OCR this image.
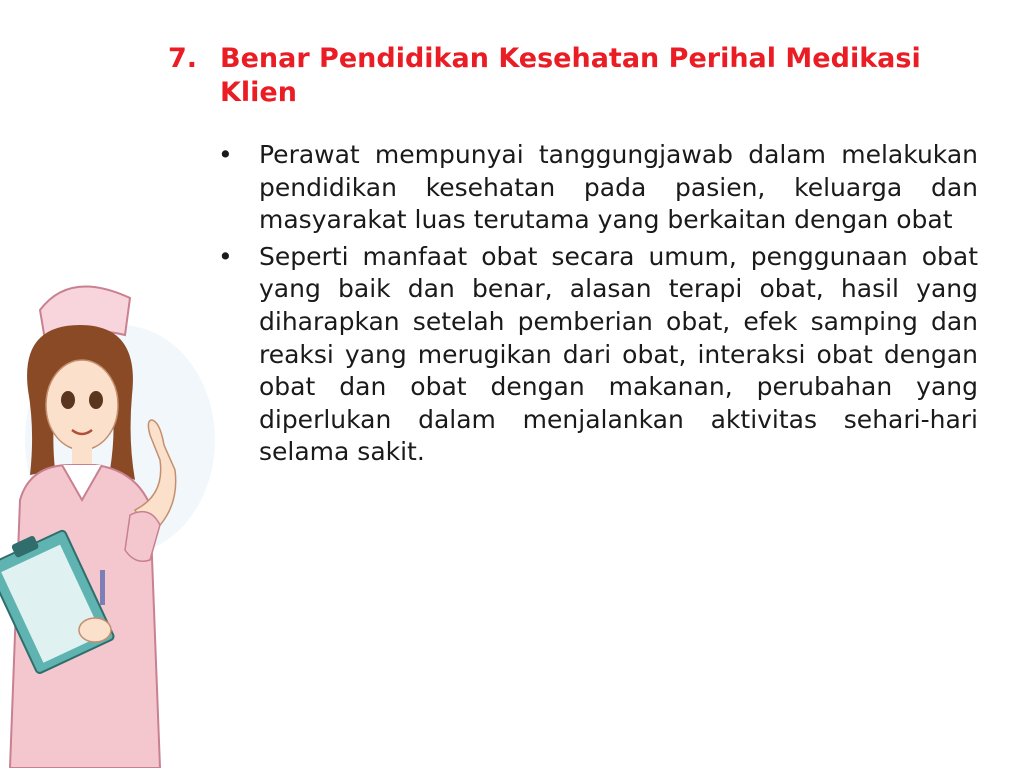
7. Benar Pendidikan Kesehatan Perihal Medikasi Klien
•	Perawat mempunyai tanggungjawab dalam melakukan pendidikan kesehatan pada pasien, keluarga dan masyarakat luas terutama yang berkaitan dengan obat
•	Seperti manfaat obat secara umum, penggunaan obat yang baik dan benar, alasan terapi obat, hasil yang diharapkan setelah pemberian obat, efek samping dan reaksi yang merugikan dari obat, interaksi obat dengan obat dan obat dengan makanan, perubahan yang diperlukan dalam menjalankan aktivitas sehari-hari selama sakit.
